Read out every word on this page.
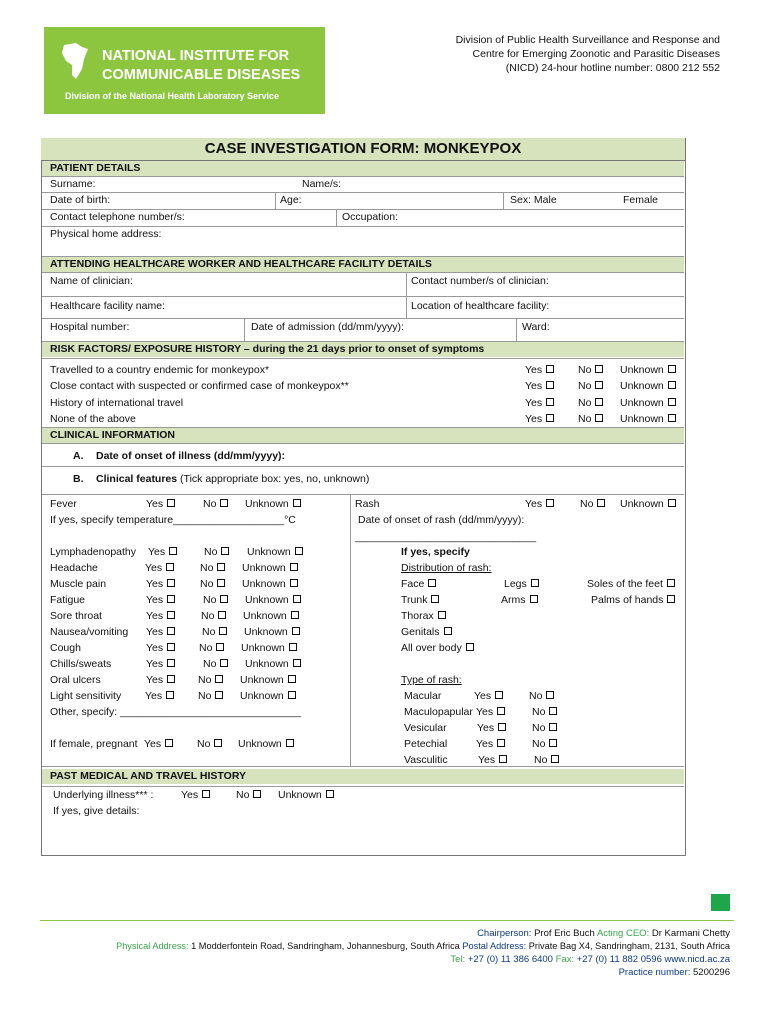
NATIONAL INSTITUTE FOR
COMMUNICABLE DISEASES
Division of the National Health Laboratory Service
Division of Public Health Surveillance and Response and
Centre for Emerging Zoonotic and Parasitic Diseases
(NICD) 24-hour hotline number: 0800 212 552
CASE INVESTIGATION FORM: MONKEYPOX
PATIENT DETAILS
Surname:	Name/s:
Date of birth:	Age:	Sex: Male	Female
Contact telephone number/s:	Occupation:
Physical home address:
ATTENDING HEALTHCARE WORKER AND HEALTHCARE FACILITY DETAILS
Name of clinician:	Contact number/s of clinician:
Healthcare facility name:	Location of healthcare facility:
Hospital number:	Date of admission (dd/mm/yyyy):	Ward:
RISK FACTORS/ EXPOSURE HISTORY – during the 21 days prior to onset of symptoms
Travelled to a country endemic for monkeypox*	Yes	No	Unknown
Close contact with suspected or confirmed case of monkeypox**	Yes	No	Unknown
History of international travel	Yes	No	Unknown
None of the above	Yes	No	Unknown
CLINICAL INFORMATION
A. Date of onset of illness (dd/mm/yyyy):
B. Clinical features (Tick appropriate box: yes, no, unknown)
Fever	Yes	No	Unknown
If yes, specify temperature___________________°C
Rash	Yes	No	Unknown
Date of onset of rash (dd/mm/yyyy):
_______________________________
Lymphadenopathy Yes	No	Unknown
Headache	Yes	No	Unknown
Muscle pain	Yes	No	Unknown
Fatigue	Yes	No	Unknown
Sore throat	Yes	No	Unknown
Nausea/vomiting Yes	No	Unknown
Cough	Yes	No	Unknown
Chills/sweats	Yes	No	Unknown
Oral ulcers	Yes	No	Unknown
Light sensitivity Yes	No	Unknown
Other, specify: _______________________________
If female, pregnant Yes	No	Unknown
If yes, specify
Distribution of rash:
Face	Legs	Soles of the feet
Trunk	Arms	Palms of hands
Thorax
Genitals
All over body
Type of rash:
Macular	Yes	No
Maculopapular Yes	No
Vesicular	Yes	No
Petechial	Yes	No
Vasculitic	Yes	No
PAST MEDICAL AND TRAVEL HISTORY
Underlying illness*** :	Yes	No	Unknown
If yes, give details:
Chairperson: Prof Eric Buch Acting CEO: Dr Karmani Chetty
Physical Address: 1 Modderfontein Road, Sandringham, Johannesburg, South Africa Postal Address: Private Bag X4, Sandringham, 2131, South Africa
Tel: +27 (0) 11 386 6400 Fax: +27 (0) 11 882 0596 www.nicd.ac.za
Practice number: 5200296
